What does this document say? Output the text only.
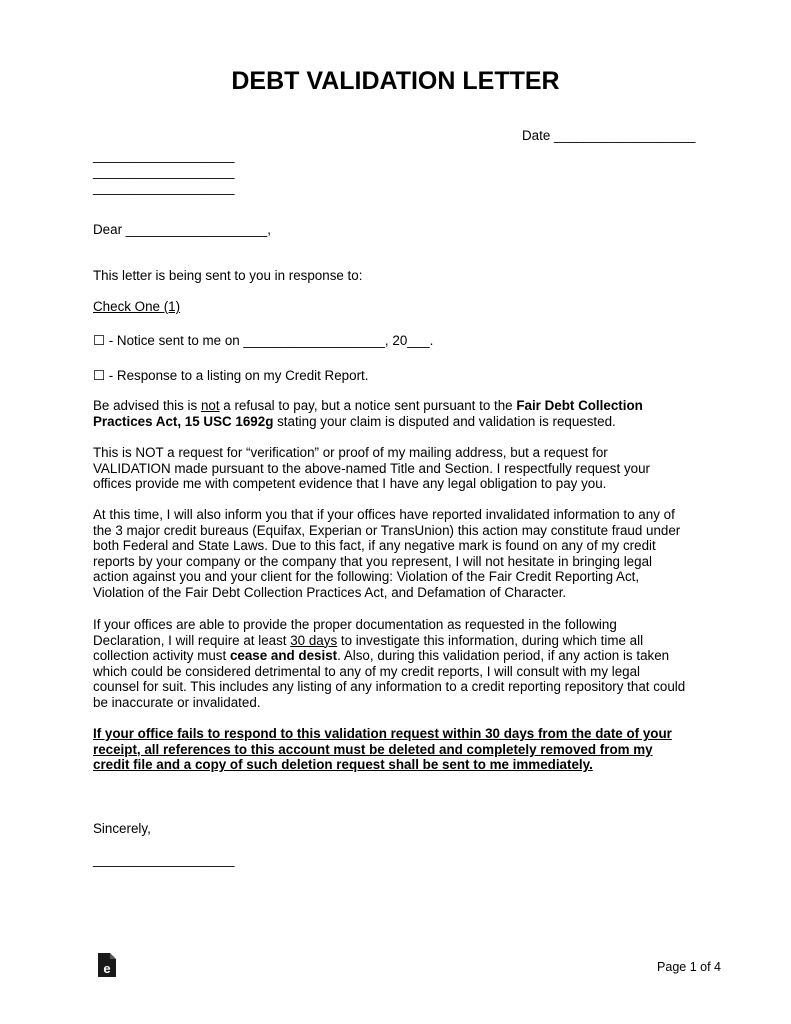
DEBT VALIDATION LETTER
Date ___________________
___________________
___________________
___________________
Dear ___________________,
This letter is being sent to you in response to:
Check One (1)
☐ - Notice sent to me on ___________________, 20___.
☐ - Response to a listing on my Credit Report.

Be advised this is not a refusal to pay, but a notice sent pursuant to the Fair Debt Collection
Practices Act, 15 USC 1692g stating your claim is disputed and validation is requested.

This is NOT a request for “verification” or proof of my mailing address, but a request for
VALIDATION made pursuant to the above-named Title and Section. I respectfully request your
offices provide me with competent evidence that I have any legal obligation to pay you.

At this time, I will also inform you that if your offices have reported invalidated information to any of
the 3 major credit bureaus (Equifax, Experian or TransUnion) this action may constitute fraud under
both Federal and State Laws. Due to this fact, if any negative mark is found on any of my credit
reports by your company or the company that you represent, I will not hesitate in bringing legal
action against you and your client for the following: Violation of the Fair Credit Reporting Act,
Violation of the Fair Debt Collection Practices Act, and Defamation of Character.

If your offices are able to provide the proper documentation as requested in the following
Declaration, I will require at least 30 days to investigate this information, during which time all
collection activity must cease and desist. Also, during this validation period, if any action is taken
which could be considered detrimental to any of my credit reports, I will consult with my legal
counsel for suit. This includes any listing of any information to a credit reporting repository that could
be inaccurate or invalidated.

If your office fails to respond to this validation request within 30 days from the date of your
receipt, all references to this account must be deleted and completely removed from my
credit file and a copy of such deletion request shall be sent to me immediately.

Sincerely,
___________________
e	Page 1 of 4
